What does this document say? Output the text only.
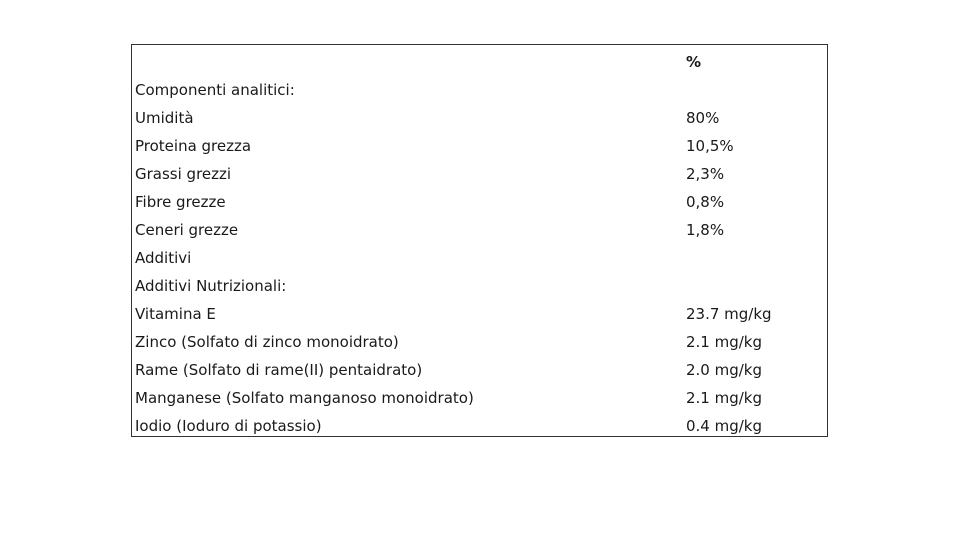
%
Componenti analitici:
Umidità	80%
Proteina grezza	10,5%
Grassi grezzi	2,3%
Fibre grezze	0,8%
Ceneri grezze	1,8%
Additivi
Additivi Nutrizionali:
Vitamina E	23.7 mg/kg
Zinco (Solfato di zinco monoidrato)	2.1 mg/kg
Rame (Solfato di rame(II) pentaidrato)	2.0 mg/kg
Manganese (Solfato manganoso monoidrato)	2.1 mg/kg
Iodio (Ioduro di potassio)	0.4 mg/kg
